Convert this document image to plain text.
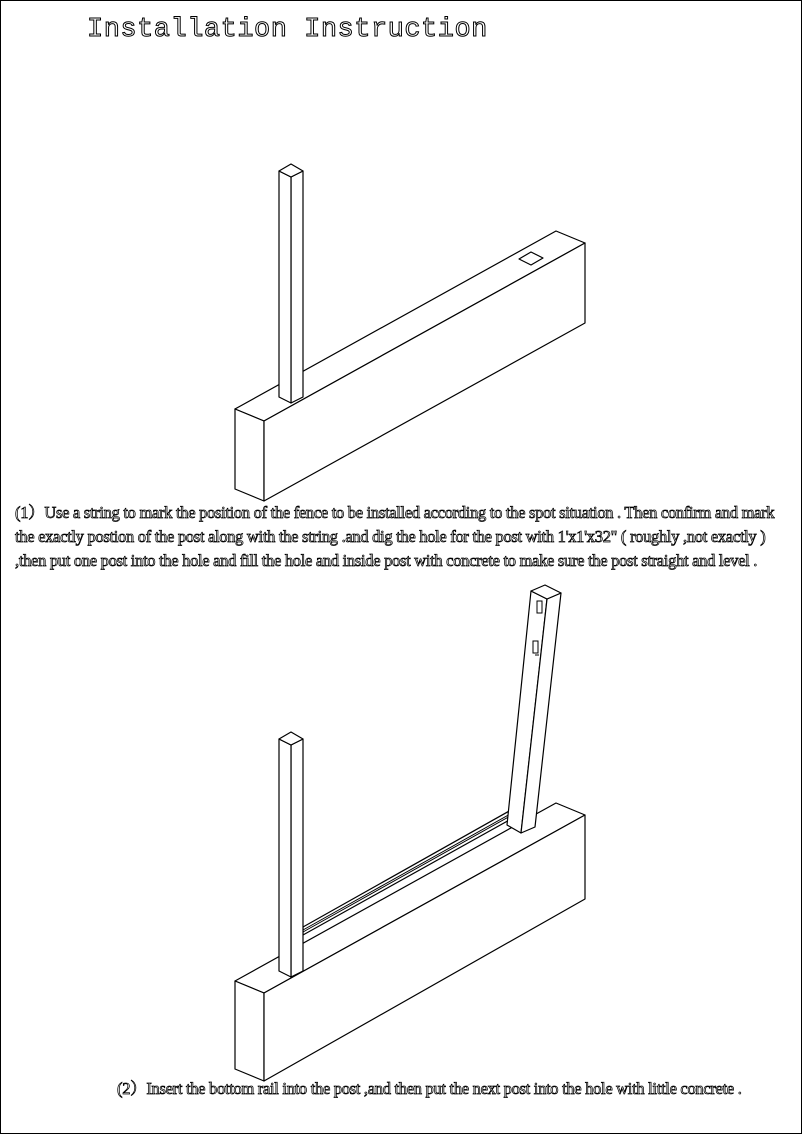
Installation Instruction
(1）Use a string to mark the position of the fence to be installed according to the spot situation . Then confirm and mark the exactly postion of the post along with the string .and dig the hole for the post with 1'x1'x32" ( roughly ,not exactly ) ,then put one post into the hole and fill the hole and inside post with concrete to make sure the post straight and level .
(2）Insert the bottom rail into the post ,and then put the next post into the hole with little concrete .
